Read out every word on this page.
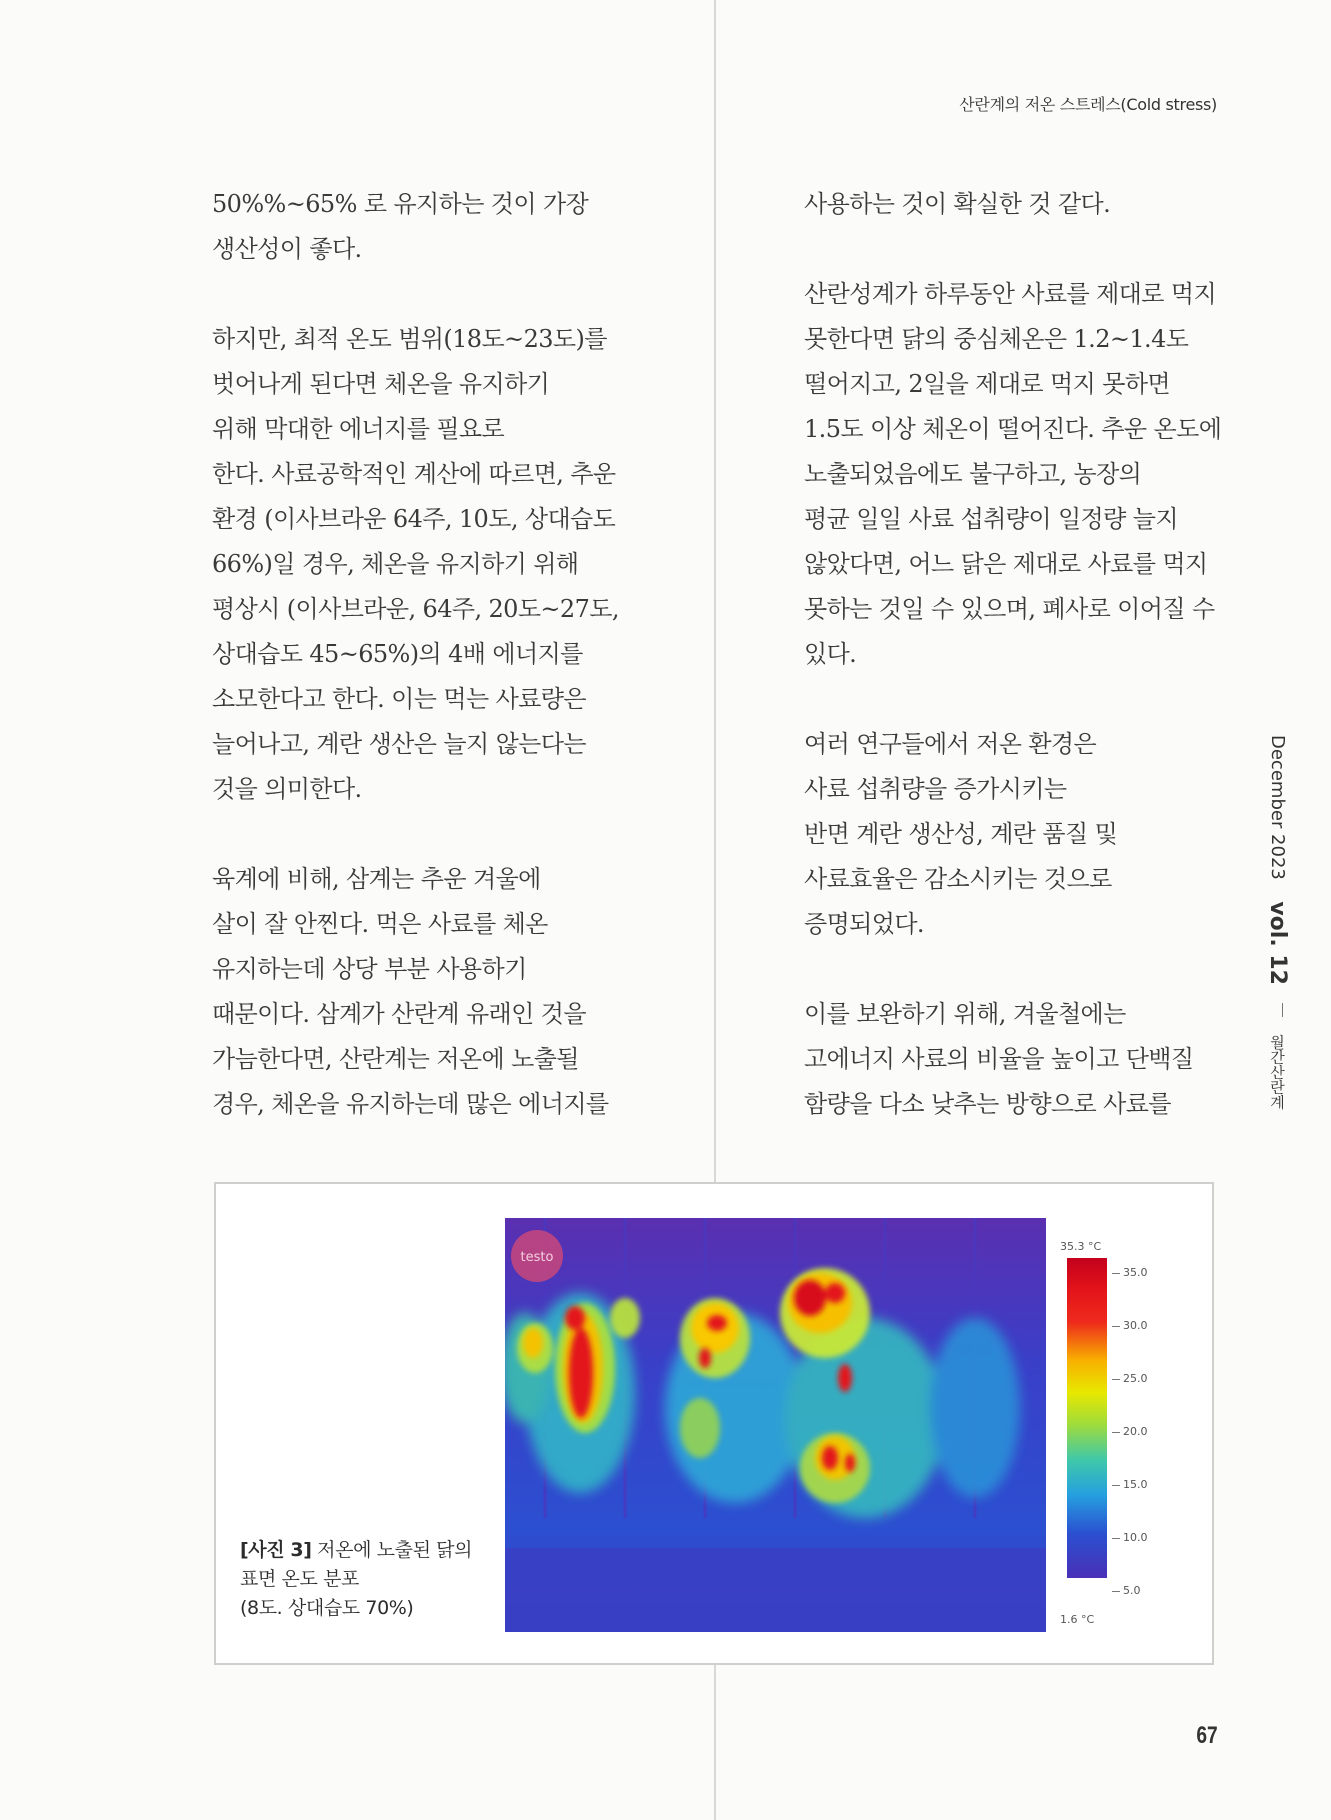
산란계의 저온 스트레스(Cold stress)

50%%~65% 로 유지하는 것이 가장
생산성이 좋다.

하지만, 최적 온도 범위(18도~23도)를
벗어나게 된다면 체온을 유지하기
위해 막대한 에너지를 필요로
한다. 사료공학적인 계산에 따르면, 추운
환경 (이사브라운 64주, 10도, 상대습도
66%)일 경우, 체온을 유지하기 위해
평상시 (이사브라운, 64주, 20도~27도,
상대습도 45~65%)의 4배 에너지를
소모한다고 한다. 이는 먹는 사료량은
늘어나고, 계란 생산은 늘지 않는다는
것을 의미한다.

육계에 비해, 삼계는 추운 겨울에
살이 잘 안찐다. 먹은 사료를 체온
유지하는데 상당 부분 사용하기
때문이다. 삼계가 산란계 유래인 것을
가늠한다면, 산란계는 저온에 노출될
경우, 체온을 유지하는데 많은 에너지를

사용하는 것이 확실한 것 같다.

산란성계가 하루동안 사료를 제대로 먹지
못한다면 닭의 중심체온은 1.2~1.4도
떨어지고, 2일을 제대로 먹지 못하면
1.5도 이상 체온이 떨어진다. 추운 온도에
노출되었음에도 불구하고, 농장의
평균 일일 사료 섭취량이 일정량 늘지
않았다면, 어느 닭은 제대로 사료를 먹지
못하는 것일 수 있으며, 폐사로 이어질 수
있다.

여러 연구들에서 저온 환경은
사료 섭취량을 증가시키는
반면 계란 생산성, 계란 품질 및
사료효율은 감소시키는 것으로
증명되었다.

이를 보완하기 위해, 겨울철에는
고에너지 사료의 비율을 높이고 단백질
함량을 다소 낮추는 방향으로 사료를

December 2023  vol. 12  월간산란계
[사진 3] 저온에 노출된 닭의
표면 온도 분포
(8도. 상대습도 70%)
testo
35.3 °C
35.0
30.0
25.0
20.0
15.0
10.0
5.0
1.6 °C
67
